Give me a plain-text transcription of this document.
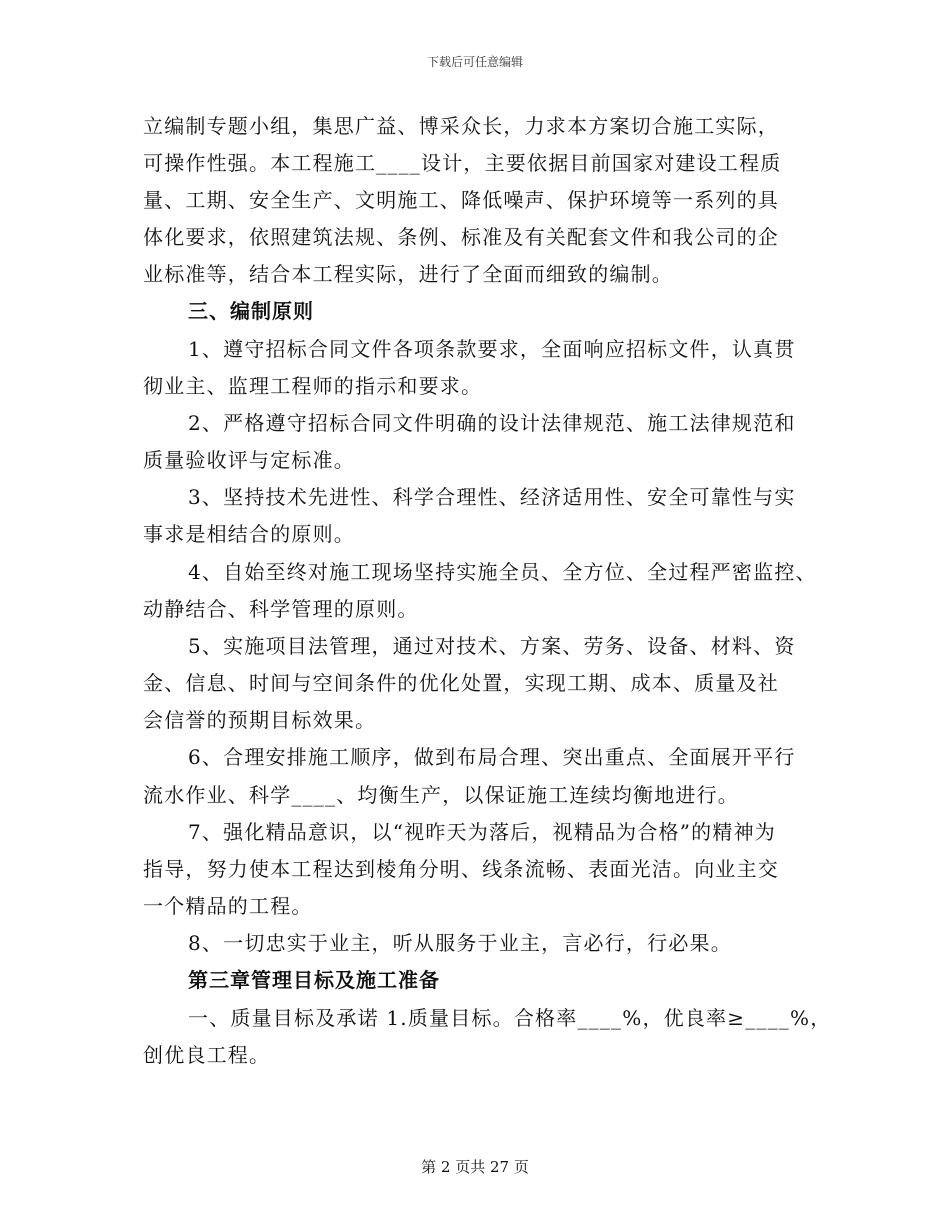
下载后可任意编辑
立编制专题小组，集思广益、博采众长，力求本方案切合施工实际，
可操作性强。本工程施工____设计，主要依据目前国家对建设工程质
量、工期、安全生产、文明施工、降低噪声、保护环境等一系列的具
体化要求，依照建筑法规、条例、标准及有关配套文件和我公司的企
业标准等，结合本工程实际，进行了全面而细致的编制。
三、编制原则
1、遵守招标合同文件各项条款要求，全面响应招标文件，认真贯
彻业主、监理工程师的指示和要求。
2、严格遵守招标合同文件明确的设计法律规范、施工法律规范和
质量验收评与定标准。
3、坚持技术先进性、科学合理性、经济适用性、安全可靠性与实
事求是相结合的原则。
4、自始至终对施工现场坚持实施全员、全方位、全过程严密监控、
动静结合、科学管理的原则。
5、实施项目法管理，通过对技术、方案、劳务、设备、材料、资
金、信息、时间与空间条件的优化处置，实现工期、成本、质量及社
会信誉的预期目标效果。
6、合理安排施工顺序，做到布局合理、突出重点、全面展开平行
流水作业、科学____、均衡生产，以保证施工连续均衡地进行。
7、强化精品意识，以“视昨天为落后，视精品为合格”的精神为
指导，努力使本工程达到棱角分明、线条流畅、表面光洁。向业主交
一个精品的工程。
8、一切忠实于业主，听从服务于业主，言必行，行必果。
第三章管理目标及施工准备
一、质量目标及承诺 1.质量目标。合格率____%，优良率≥____%，
创优良工程。
第 2 页共 27 页
